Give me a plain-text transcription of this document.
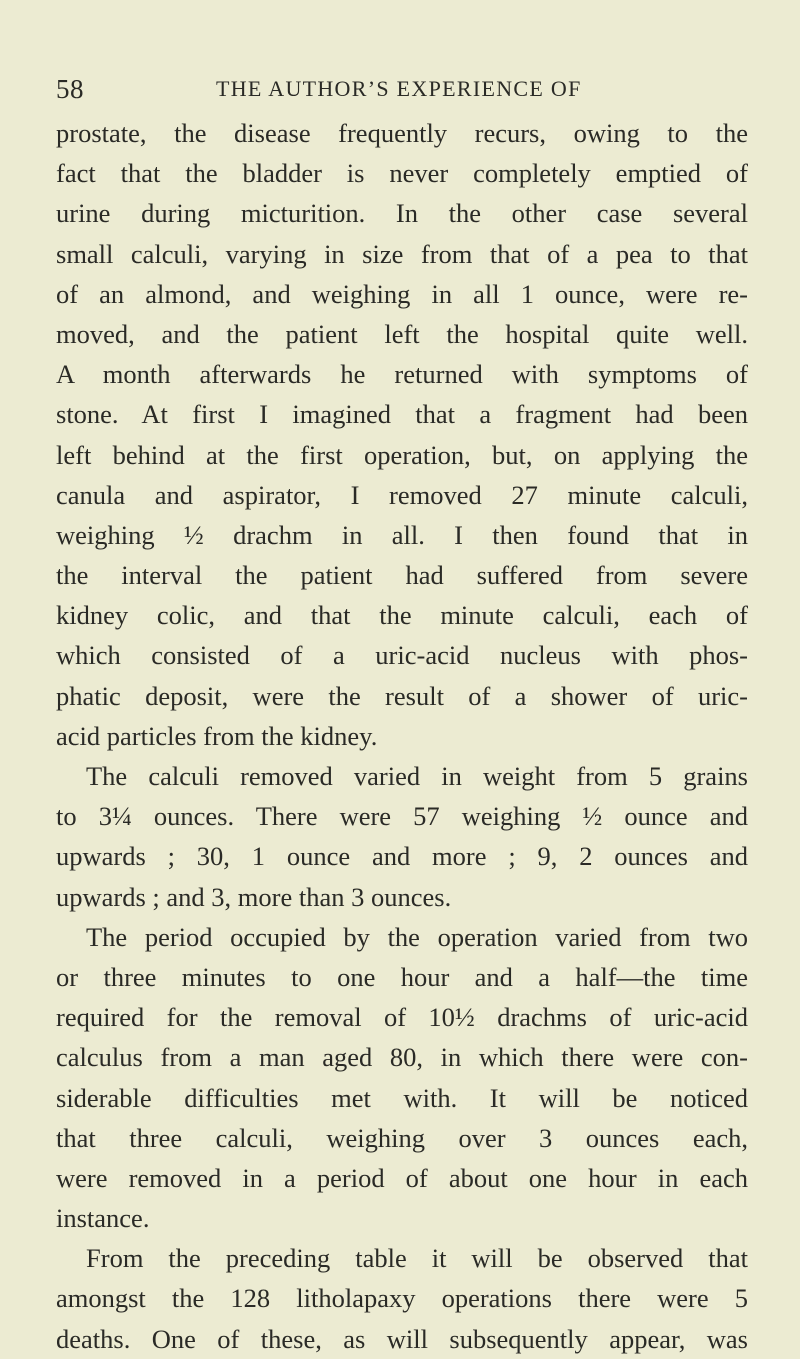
58	THE AUTHOR’S EXPERIENCE OF
prostate, the disease frequently recurs, owing to the
fact that the bladder is never completely emptied of
urine during micturition. In the other case several
small calculi, varying in size from that of a pea to that
of an almond, and weighing in all 1 ounce, were re-
moved, and the patient left the hospital quite well.
A month afterwards he returned with symptoms of
stone. At first I imagined that a fragment had been
left behind at the first operation, but, on applying the
canula and aspirator, I removed 27 minute calculi,
weighing ½ drachm in all. I then found that in
the interval the patient had suffered from severe
kidney colic, and that the minute calculi, each of
which consisted of a uric-acid nucleus with phos-
phatic deposit, were the result of a shower of uric-
acid particles from the kidney.
The calculi removed varied in weight from 5 grains
to 3¼ ounces. There were 57 weighing ½ ounce and
upwards ; 30, 1 ounce and more ; 9, 2 ounces and
upwards ; and 3, more than 3 ounces.
The period occupied by the operation varied from two
or three minutes to one hour and a half—the time
required for the removal of 10½ drachms of uric-acid
calculus from a man aged 80, in which there were con-
siderable difficulties met with. It will be noticed
that three calculi, weighing over 3 ounces each,
were removed in a period of about one hour in each
instance.
From the preceding table it will be observed that
amongst the 128 litholapaxy operations there were 5
deaths. One of these, as will subsequently appear, was
